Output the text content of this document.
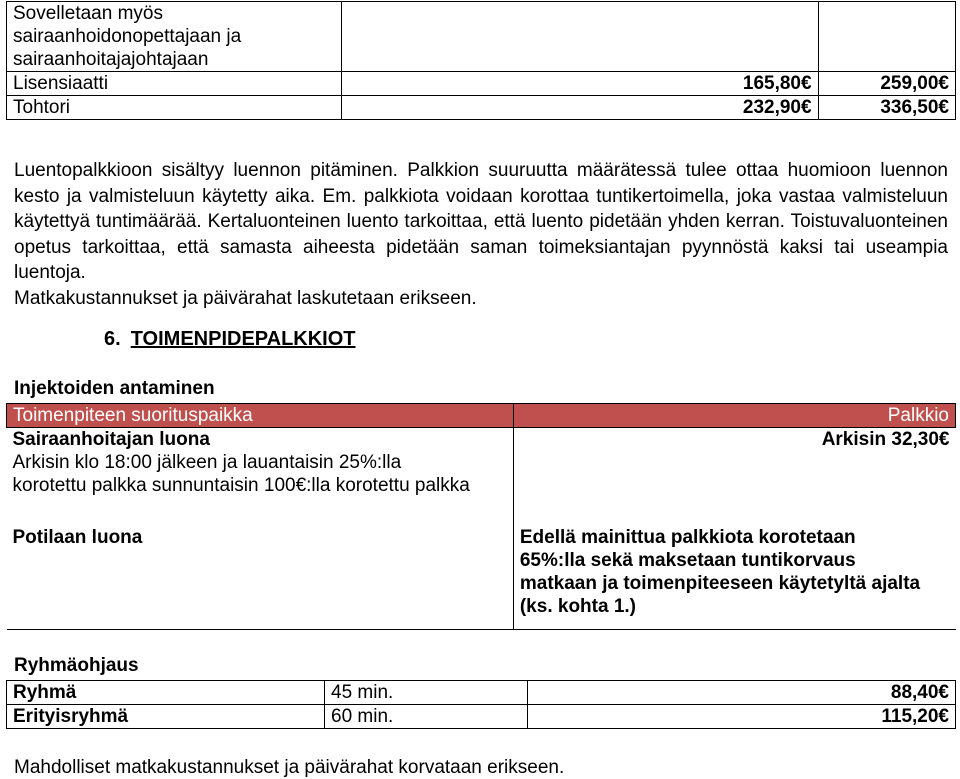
Sovelletaan myös sairaanhoidonopettajaan ja sairaanhoitajajohtajaan		
Lisensiaatti	165,80€	259,00€
Tohtori	232,90€	336,50€
Luentopalkkioon sisältyy luennon pitäminen. Palkkion suuruutta määrätessä tulee ottaa huomioon luennon kesto ja valmisteluun käytetty aika. Em. palkkiota voidaan korottaa tuntikertoimella, joka vastaa valmisteluun käytettyä tuntimäärää. Kertaluonteinen luento tarkoittaa, että luento pidetään yhden kerran. Toistuvaluonteinen opetus tarkoittaa, että samasta aiheesta pidetään saman toimeksiantajan pyynnöstä kaksi tai useampia luentoja.
Matkakustannukset ja päivärahat laskutetaan erikseen.
6. TOIMENPIDEPALKKIOT
Injektoiden antaminen
Toimenpiteen suorituspaikka	Palkkio
Sairaanhoitajan luona	Arkisin 32,30€
Arkisin klo 18:00 jälkeen ja lauantaisin 25%:lla korotettu palkka sunnuntaisin 100€:lla korotettu palkka	
Potilaan luona	Edellä mainittua palkkiota korotetaan 65%:lla sekä maksetaan tuntikorvaus matkaan ja toimenpiteeseen käytetyltä ajalta (ks. kohta 1.)
Ryhmäohjaus
Ryhmä	45 min.	88,40€
Erityisryhmä	60 min.	115,20€
Mahdolliset matkakustannukset ja päivärahat korvataan erikseen.
